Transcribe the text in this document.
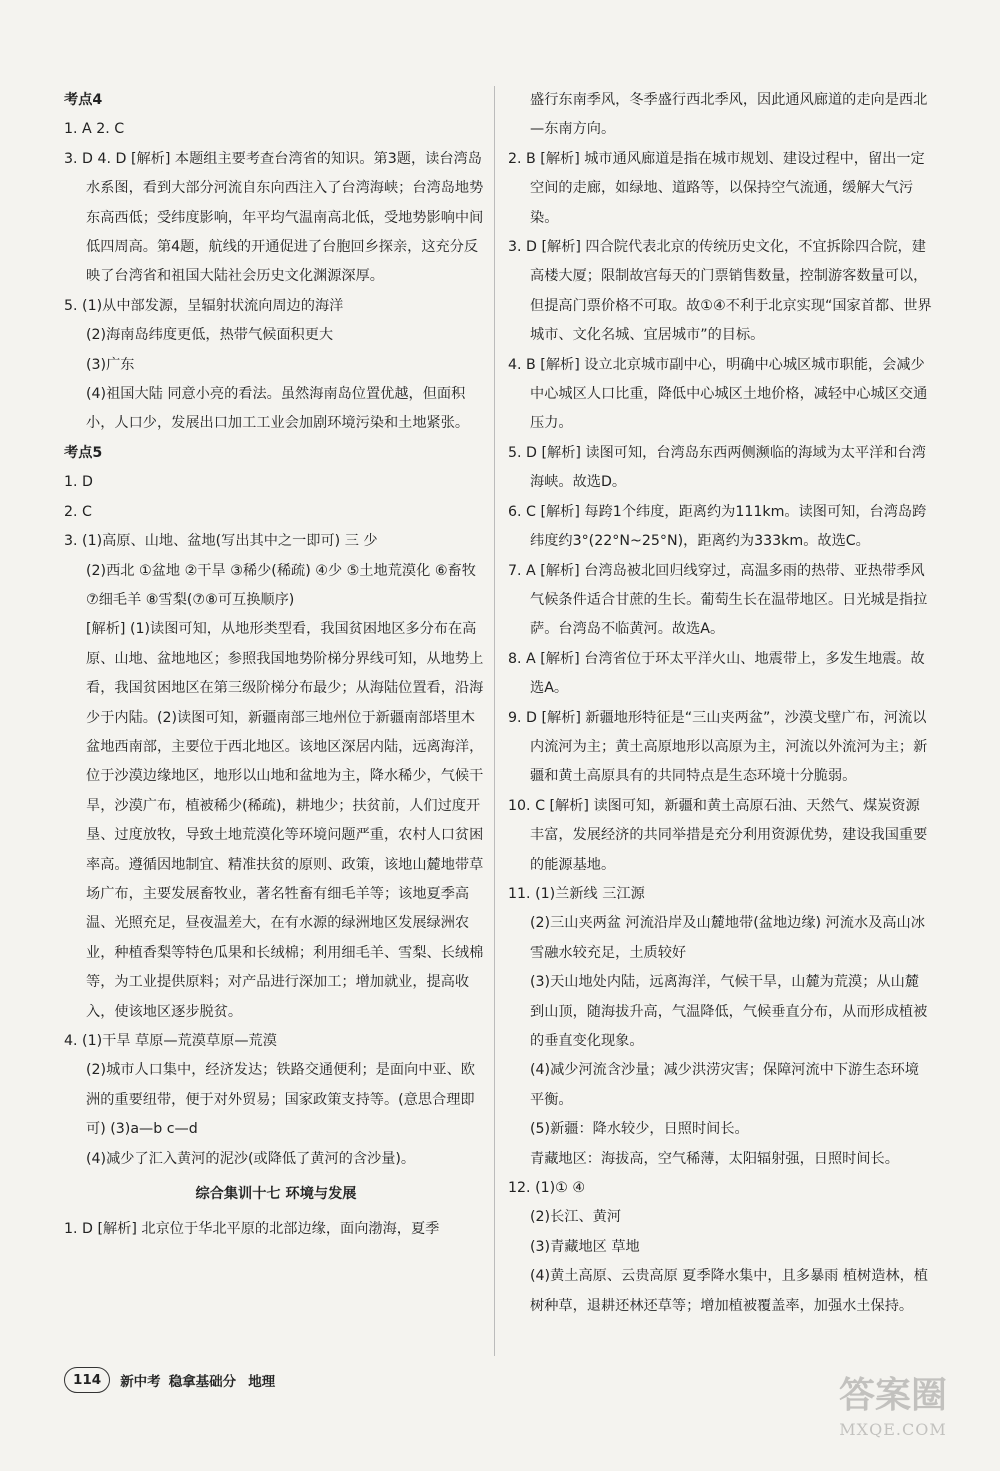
考点4

1. A 2. C

3. D 4. D [解析] 本题组主要考查台湾省的知识。第3题，读台湾岛水系图，看到大部分河流自东向西注入了台湾海峡；台湾岛地势东高西低；受纬度影响，年平均气温南高北低，受地势影响中间低四周高。第4题，航线的开通促进了台胞回乡探亲，这充分反映了台湾省和祖国大陆社会历史文化渊源深厚。

5. (1)从中部发源，呈辐射状流向周边的海洋

(2)海南岛纬度更低，热带气候面积更大

(3)广东

(4)祖国大陆 同意小亮的看法。虽然海南岛位置优越，但面积小，人口少，发展出口加工工业会加剧环境污染和土地紧张。

考点5

1. D

2. C

3. (1)高原、山地、盆地(写出其中之一即可) 三 少

(2)西北 ①盆地 ②干旱 ③稀少(稀疏) ④少 ⑤土地荒漠化 ⑥畜牧 ⑦细毛羊 ⑧雪梨(⑦⑧可互换顺序)

[解析] (1)读图可知，从地形类型看，我国贫困地区多分布在高原、山地、盆地地区；参照我国地势阶梯分界线可知，从地势上看，我国贫困地区在第三级阶梯分布最少；从海陆位置看，沿海少于内陆。(2)读图可知，新疆南部三地州位于新疆南部塔里木盆地西南部，主要位于西北地区。该地区深居内陆，远离海洋，位于沙漠边缘地区，地形以山地和盆地为主，降水稀少，气候干旱，沙漠广布，植被稀少(稀疏)，耕地少；扶贫前，人们过度开垦、过度放牧，导致土地荒漠化等环境问题严重，农村人口贫困率高。遵循因地制宜、精准扶贫的原则、政策，该地山麓地带草场广布，主要发展畜牧业，著名牲畜有细毛羊等；该地夏季高温、光照充足，昼夜温差大，在有水源的绿洲地区发展绿洲农业，种植香梨等特色瓜果和长绒棉；利用细毛羊、雪梨、长绒棉等，为工业提供原料；对产品进行深加工；增加就业，提高收入，使该地区逐步脱贫。

4. (1)干旱 草原—荒漠草原—荒漠

(2)城市人口集中，经济发达；铁路交通便利；是面向中亚、欧洲的重要纽带，便于对外贸易；国家政策支持等。(意思合理即可) (3)a—b c—d

(4)减少了汇入黄河的泥沙(或降低了黄河的含沙量)。

综合集训十七 环境与发展

1. D [解析] 北京位于华北平原的北部边缘，面向渤海，夏季

盛行东南季风，冬季盛行西北季风，因此通风廊道的走向是西北—东南方向。

2. B [解析] 城市通风廊道是指在城市规划、建设过程中，留出一定空间的走廊，如绿地、道路等，以保持空气流通，缓解大气污染。

3. D [解析] 四合院代表北京的传统历史文化，不宜拆除四合院，建高楼大厦；限制故宫每天的门票销售数量，控制游客数量可以，但提高门票价格不可取。故①④不利于北京实现“国家首都、世界城市、文化名城、宜居城市”的目标。

4. B [解析] 设立北京城市副中心，明确中心城区城市职能，会减少中心城区人口比重，降低中心城区土地价格，减轻中心城区交通压力。

5. D [解析] 读图可知，台湾岛东西两侧濒临的海域为太平洋和台湾海峡。故选D。

6. C [解析] 每跨1个纬度，距离约为111km。读图可知，台湾岛跨纬度约3°(22°N~25°N)，距离约为333km。故选C。

7. A [解析] 台湾岛被北回归线穿过，高温多雨的热带、亚热带季风气候条件适合甘蔗的生长。葡萄生长在温带地区。日光城是指拉萨。台湾岛不临黄河。故选A。

8. A [解析] 台湾省位于环太平洋火山、地震带上，多发生地震。故选A。

9. D [解析] 新疆地形特征是“三山夹两盆”，沙漠戈壁广布，河流以内流河为主；黄土高原地形以高原为主，河流以外流河为主；新疆和黄土高原具有的共同特点是生态环境十分脆弱。

10. C [解析] 读图可知，新疆和黄土高原石油、天然气、煤炭资源丰富，发展经济的共同举措是充分利用资源优势，建设我国重要的能源基地。

11. (1)兰新线 三江源

(2)三山夹两盆 河流沿岸及山麓地带(盆地边缘) 河流水及高山冰雪融水较充足，土质较好

(3)天山地处内陆，远离海洋，气候干旱，山麓为荒漠；从山麓到山顶，随海拔升高，气温降低，气候垂直分布，从而形成植被的垂直变化现象。

(4)减少河流含沙量；减少洪涝灾害；保障河流中下游生态环境平衡。

(5)新疆：降水较少，日照时间长。

青藏地区：海拔高，空气稀薄，太阳辐射强，日照时间长。

12. (1)① ④

(2)长江、黄河

(3)青藏地区 草地

(4)黄土高原、云贵高原 夏季降水集中，且多暴雨 植树造林，植树种草，退耕还林还草等；增加植被覆盖率，加强水土保持。

114	新中考 稳拿基础分 地理	答案圈
MXQE.COM
